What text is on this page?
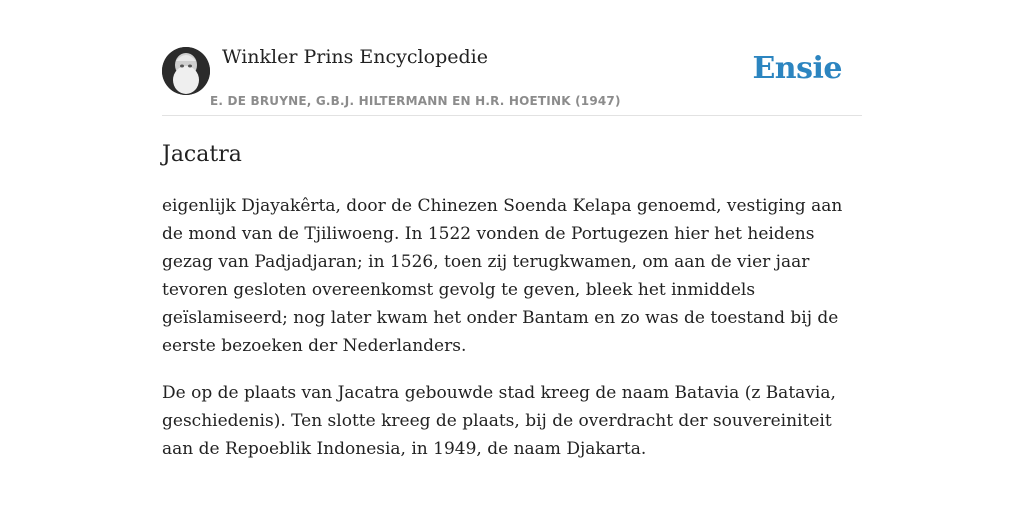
Winkler Prins Encyclopedie
E. DE BRUYNE, G.B.J. HILTERMANN EN H.R. HOETINK (1947)
Ensie
Jacatra

eigenlijk Djayakêrta, door de Chinezen Soenda Kelapa genoemd, vestiging aan de mond van de Tjiliwoeng. In 1522 vonden de Portugezen hier het heidens gezag van Padjadjaran; in 1526, toen zij terugkwamen, om aan de vier jaar tevoren gesloten overeenkomst gevolg te geven, bleek het inmiddels geïslamiseerd; nog later kwam het onder Bantam en zo was de toestand bij de eerste bezoeken der Nederlanders.

De op de plaats van Jacatra gebouwde stad kreeg de naam Batavia (z Batavia, geschiedenis). Ten slotte kreeg de plaats, bij de overdracht der souvereiniteit aan de Repoeblik Indonesia, in 1949, de naam Djakarta.
